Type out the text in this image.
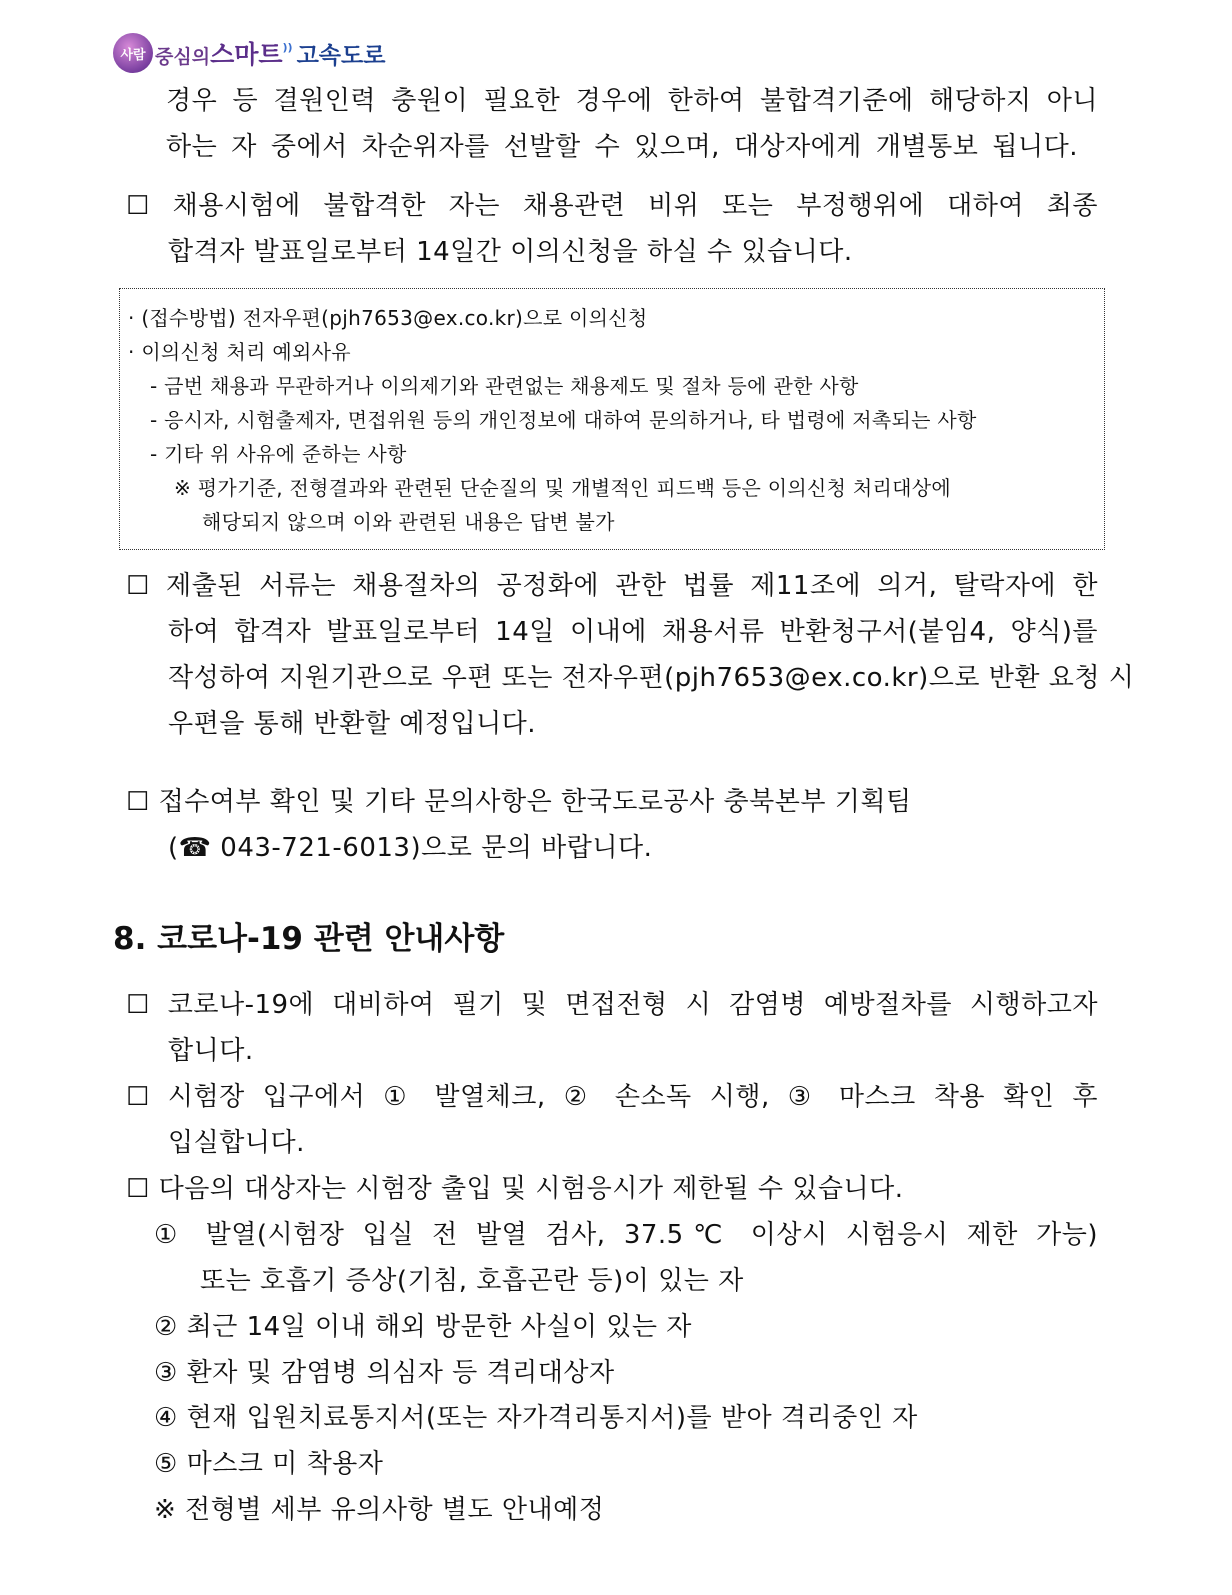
사람 중심의스마트)) 고속도로
경우 등 결원인력 충원이 필요한 경우에 한하여 불합격기준에 해당하지 아니
하는 자 중에서 차순위자를 선발할 수 있으며, 대상자에게 개별통보 됩니다.
☐ 채용시험에 불합격한 자는 채용관련 비위 또는 부정행위에 대하여 최종
합격자 발표일로부터 14일간 이의신청을 하실 수 있습니다.
· (접수방법) 전자우편(pjh7653@ex.co.kr)으로 이의신청
· 이의신청 처리 예외사유
- 금번 채용과 무관하거나 이의제기와 관련없는 채용제도 및 절차 등에 관한 사항
- 응시자, 시험출제자, 면접위원 등의 개인정보에 대하여 문의하거나, 타 법령에 저촉되는 사항
- 기타 위 사유에 준하는 사항
※ 평가기준, 전형결과와 관련된 단순질의 및 개별적인 피드백 등은 이의신청 처리대상에
해당되지 않으며 이와 관련된 내용은 답변 불가
☐ 제출된 서류는 채용절차의 공정화에 관한 법률 제11조에 의거, 탈락자에 한
하여 합격자 발표일로부터 14일 이내에 채용서류 반환청구서(붙임4, 양식)를
작성하여 지원기관으로 우편 또는 전자우편(pjh7653@ex.co.kr)으로 반환 요청 시
우편을 통해 반환할 예정입니다.
☐ 접수여부 확인 및 기타 문의사항은 한국도로공사 충북본부 기획팀
(☎ 043-721-6013)으로 문의 바랍니다.
8. 코로나-19 관련 안내사항
☐ 코로나-19에 대비하여 필기 및 면접전형 시 감염병 예방절차를 시행하고자
합니다.
☐ 시험장 입구에서 ① 발열체크, ② 손소독 시행, ③ 마스크 착용 확인 후
입실합니다.
☐ 다음의 대상자는 시험장 출입 및 시험응시가 제한될 수 있습니다.
① 발열(시험장 입실 전 발열 검사, 37.5℃ 이상시 시험응시 제한 가능)
또는 호흡기 증상(기침, 호흡곤란 등)이 있는 자
② 최근 14일 이내 해외 방문한 사실이 있는 자
③ 환자 및 감염병 의심자 등 격리대상자
④ 현재 입원치료통지서(또는 자가격리통지서)를 받아 격리중인 자
⑤ 마스크 미 착용자
※ 전형별 세부 유의사항 별도 안내예정
